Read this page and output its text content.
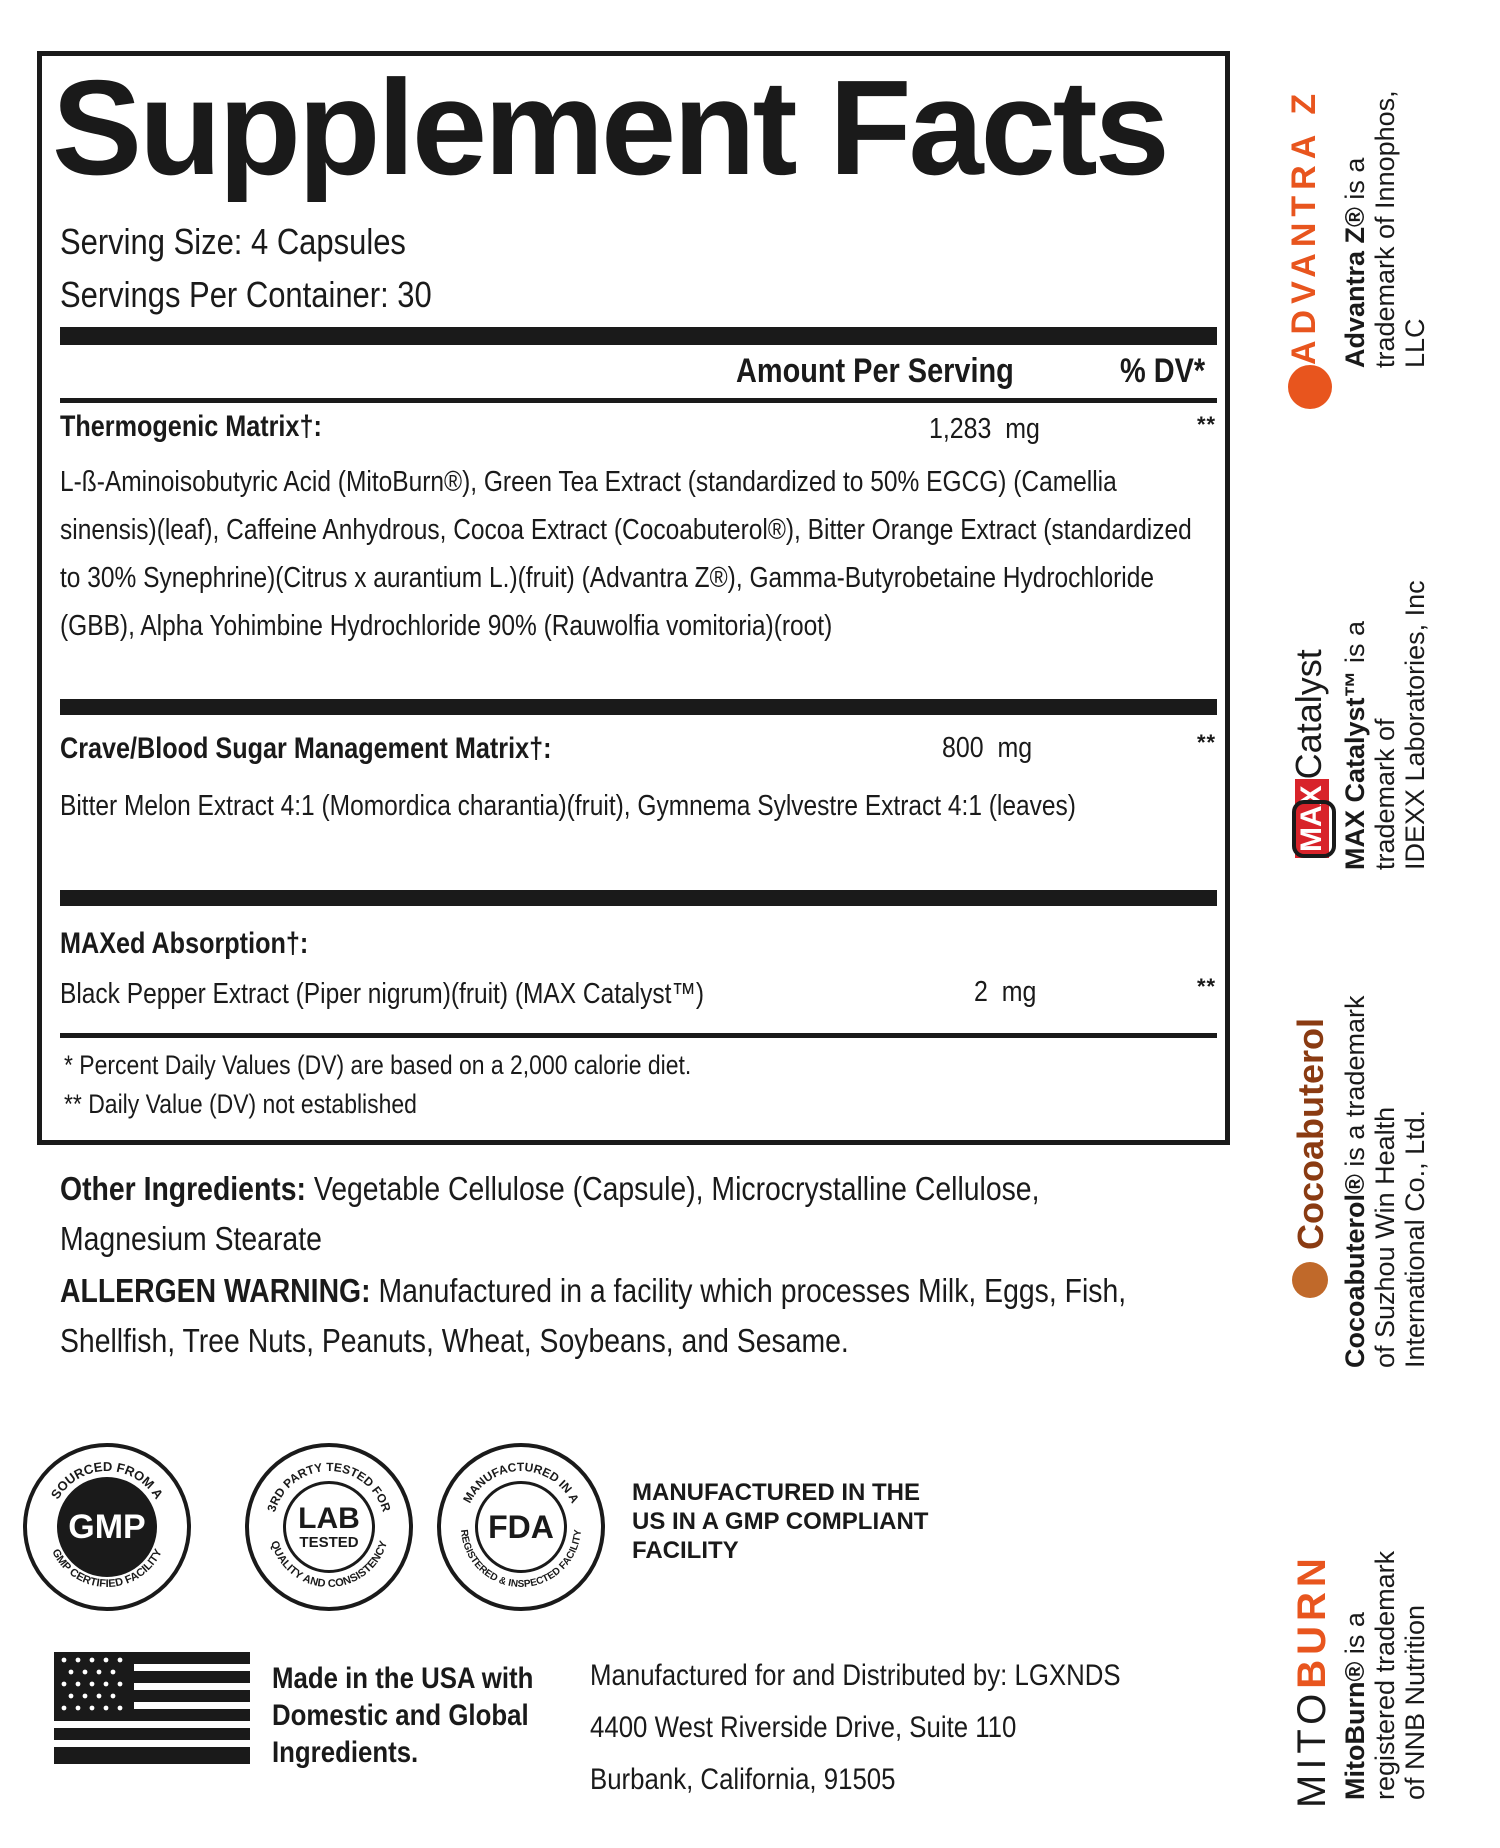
Supplement Facts
Serving Size: 4 Capsules
Servings Per Container: 30
Amount Per Serving	% DV*
Thermogenic Matrix†:	1,283  mg	**
L-ß-Aminoisobutyric Acid (MitoBurn®), Green Tea Extract (standardized to 50% EGCG) (Camellia sinensis)(leaf), Caffeine Anhydrous, Cocoa Extract (Cocoabuterol®), Bitter Orange Extract (standardized to 30% Synephrine)(Citrus x aurantium L.)(fruit) (Advantra Z®), Gamma-Butyrobetaine Hydrochloride (GBB), Alpha Yohimbine Hydrochloride 90% (Rauwolfia vomitoria)(root)
Crave/Blood Sugar Management Matrix†:	800  mg	**
Bitter Melon Extract 4:1 (Momordica charantia)(fruit), Gymnema Sylvestre Extract 4:1 (leaves)
MAXed Absorption†:
Black Pepper Extract (Piper nigrum)(fruit) (MAX Catalyst™)	2  mg	**
* Percent Daily Values (DV) are based on a 2,000 calorie diet.
** Daily Value (DV) not established
Other Ingredients: Vegetable Cellulose (Capsule), Microcrystalline Cellulose, Magnesium Stearate
ALLERGEN WARNING: Manufactured in a facility which processes Milk, Eggs, Fish, Shellfish, Tree Nuts, Peanuts, Wheat, Soybeans, and Sesame.
SOURCED FROM A
GMP CERTIFIED FACILITY
GMP	3RD PARTY TESTED FOR
QUALITY AND CONSISTENCY
LAB
TESTED
MANUFACTURED IN A
REGISTERED & INSPECTED FACILITY
FDA
MANUFACTURED IN THE
US IN A GMP COMPLIANT
FACILITY
Made in the USA with
Domestic and Global
Ingredients.
Manufactured for and Distributed by: LGXNDS
4400 West Riverside Drive, Suite 110
Burbank, California, 91505
ADVANTRA Z Advantra Z® is a trademark of Innophos, LLC
MAXCatalyst MAX Catalyst™ is a
trademark of IDEXX Laboratories, Inc
Cocoabuterol
Cocoabuterol® is a trademark
of Suzhou Win Health International Co., Ltd.
MITOBURN
MitoBurn® is a registered trademark of NNB Nutrition
